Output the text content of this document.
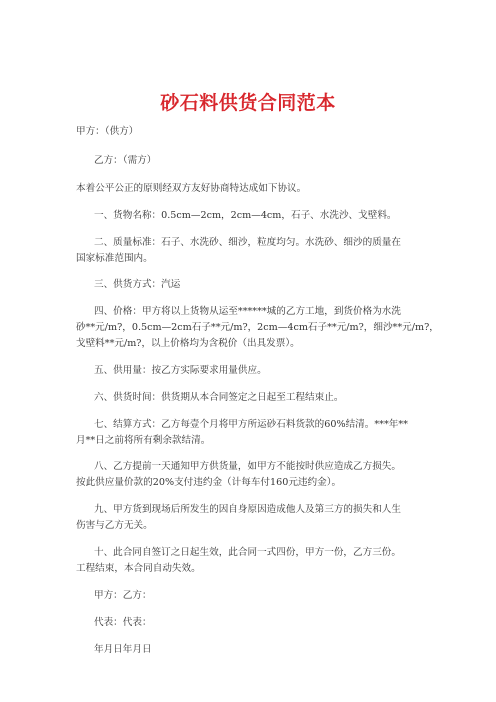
砂石料供货合同范本
甲方：（供方）
乙方：（需方）
本着公平公正的原则经双方友好协商特达成如下协议。
一、货物名称：0.5cm—2cm，2cm—4cm，石子、水洗沙、戈壁料。
二、质量标准：石子、水洗砂、细沙，粒度均匀。水洗砂、细沙的质量在
国家标准范围内。
三、供货方式：汽运
四、价格：甲方将以上货物从运至******城的乙方工地，到货价格为水洗
砂**元/m?，0.5cm—2cm石子**元/m?，2cm—4cm石子**元/m?，细沙**元/m?，
戈壁料**元/m?，以上价格均为含税价（出具发票）。
五、供用量：按乙方实际要求用量供应。
六、供货时间：供货期从本合同签定之日起至工程结束止。
七、结算方式：乙方每壹个月将甲方所运砂石料货款的60%结清。***年**
月**日之前将所有剩余款结清。
八、乙方提前一天通知甲方供货量，如甲方不能按时供应造成乙方损失。
按此供应量价款的20%支付违约金（计每车付160元违约金）。
九、甲方货到现场后所发生的因自身原因造成他人及第三方的损失和人生
伤害与乙方无关。
十、此合同自签订之日起生效，此合同一式四份，甲方一份，乙方三份。
工程结束，本合同自动失效。
甲方：乙方：
代表：代表：
年月日年月日
